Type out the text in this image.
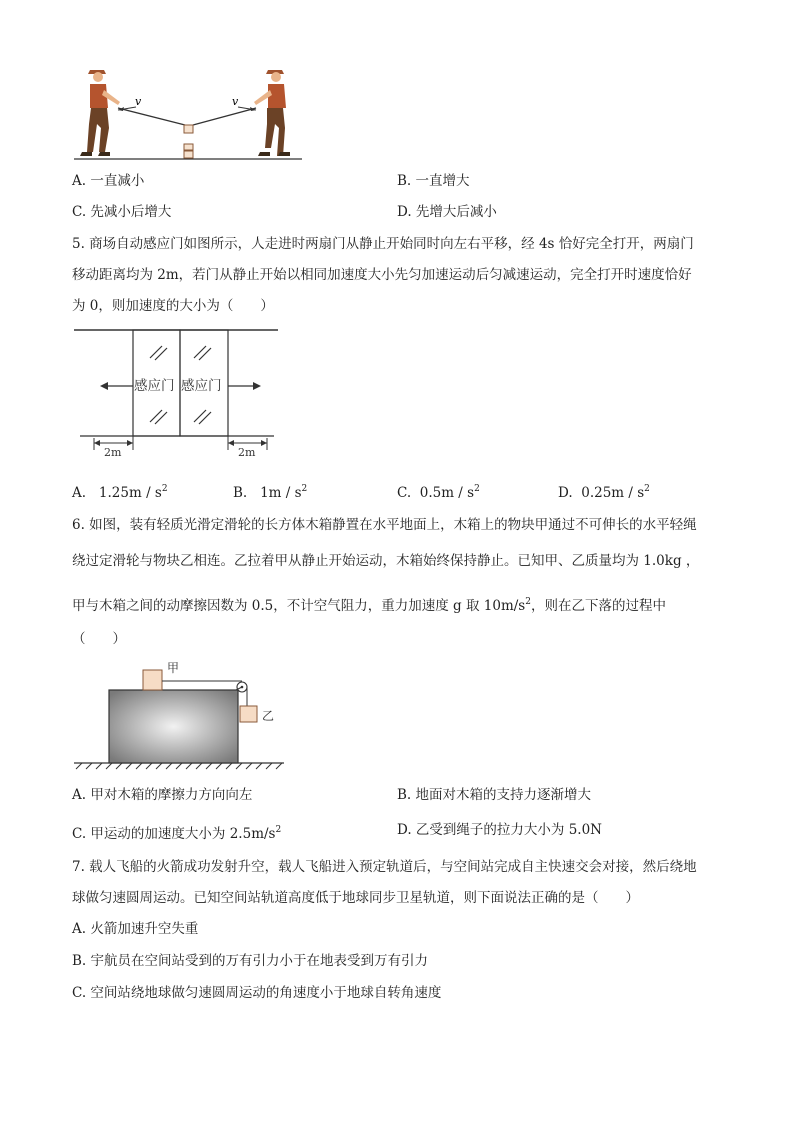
v	v
A. 一直减小	B. 一直增大
C. 先减小后增大	D. 先增大后减小
5. 商场自动感应门如图所示，人走进时两扇门从静止开始同时向左右平移，经 4s 恰好完全打开，两扇门
移动距离均为 2m，若门从静止开始以相同加速度大小先匀加速运动后匀减速运动，完全打开时速度恰好
为 0，则加速度的大小为（　　）
感应门 感应门
2m	2m
A. $1.25m / s^2$	B. $1m / s^2$	C. $0.5m / s^2$	D. $0.25m / s^2$
6. 如图，装有轻质光滑定滑轮的长方体木箱静置在水平地面上，木箱上的物块甲通过不可伸长的水平轻绳
绕过定滑轮与物块乙相连。乙拉着甲从静止开始运动，木箱始终保持静止。已知甲、乙质量均为 1.0kg ，
甲与木箱之间的动摩擦因数为 0.5，不计空气阻力，重力加速度 g 取 $10m/s^2$，则在乙下落的过程中
（　　）
甲
乙
A. 甲对木箱的摩擦力方向向左	B. 地面对木箱的支持力逐渐增大
C. 甲运动的加速度大小为 $2.5m/s^2$	D. 乙受到绳子的拉力大小为 5.0N
7. 载人飞船的火箭成功发射升空，载人飞船进入预定轨道后，与空间站完成自主快速交会对接，然后绕地
球做匀速圆周运动。已知空间站轨道高度低于地球同步卫星轨道，则下面说法正确的是（　　）
A. 火箭加速升空失重
B. 宇航员在空间站受到的万有引力小于在地表受到万有引力
C. 空间站绕地球做匀速圆周运动的角速度小于地球自转角速度
